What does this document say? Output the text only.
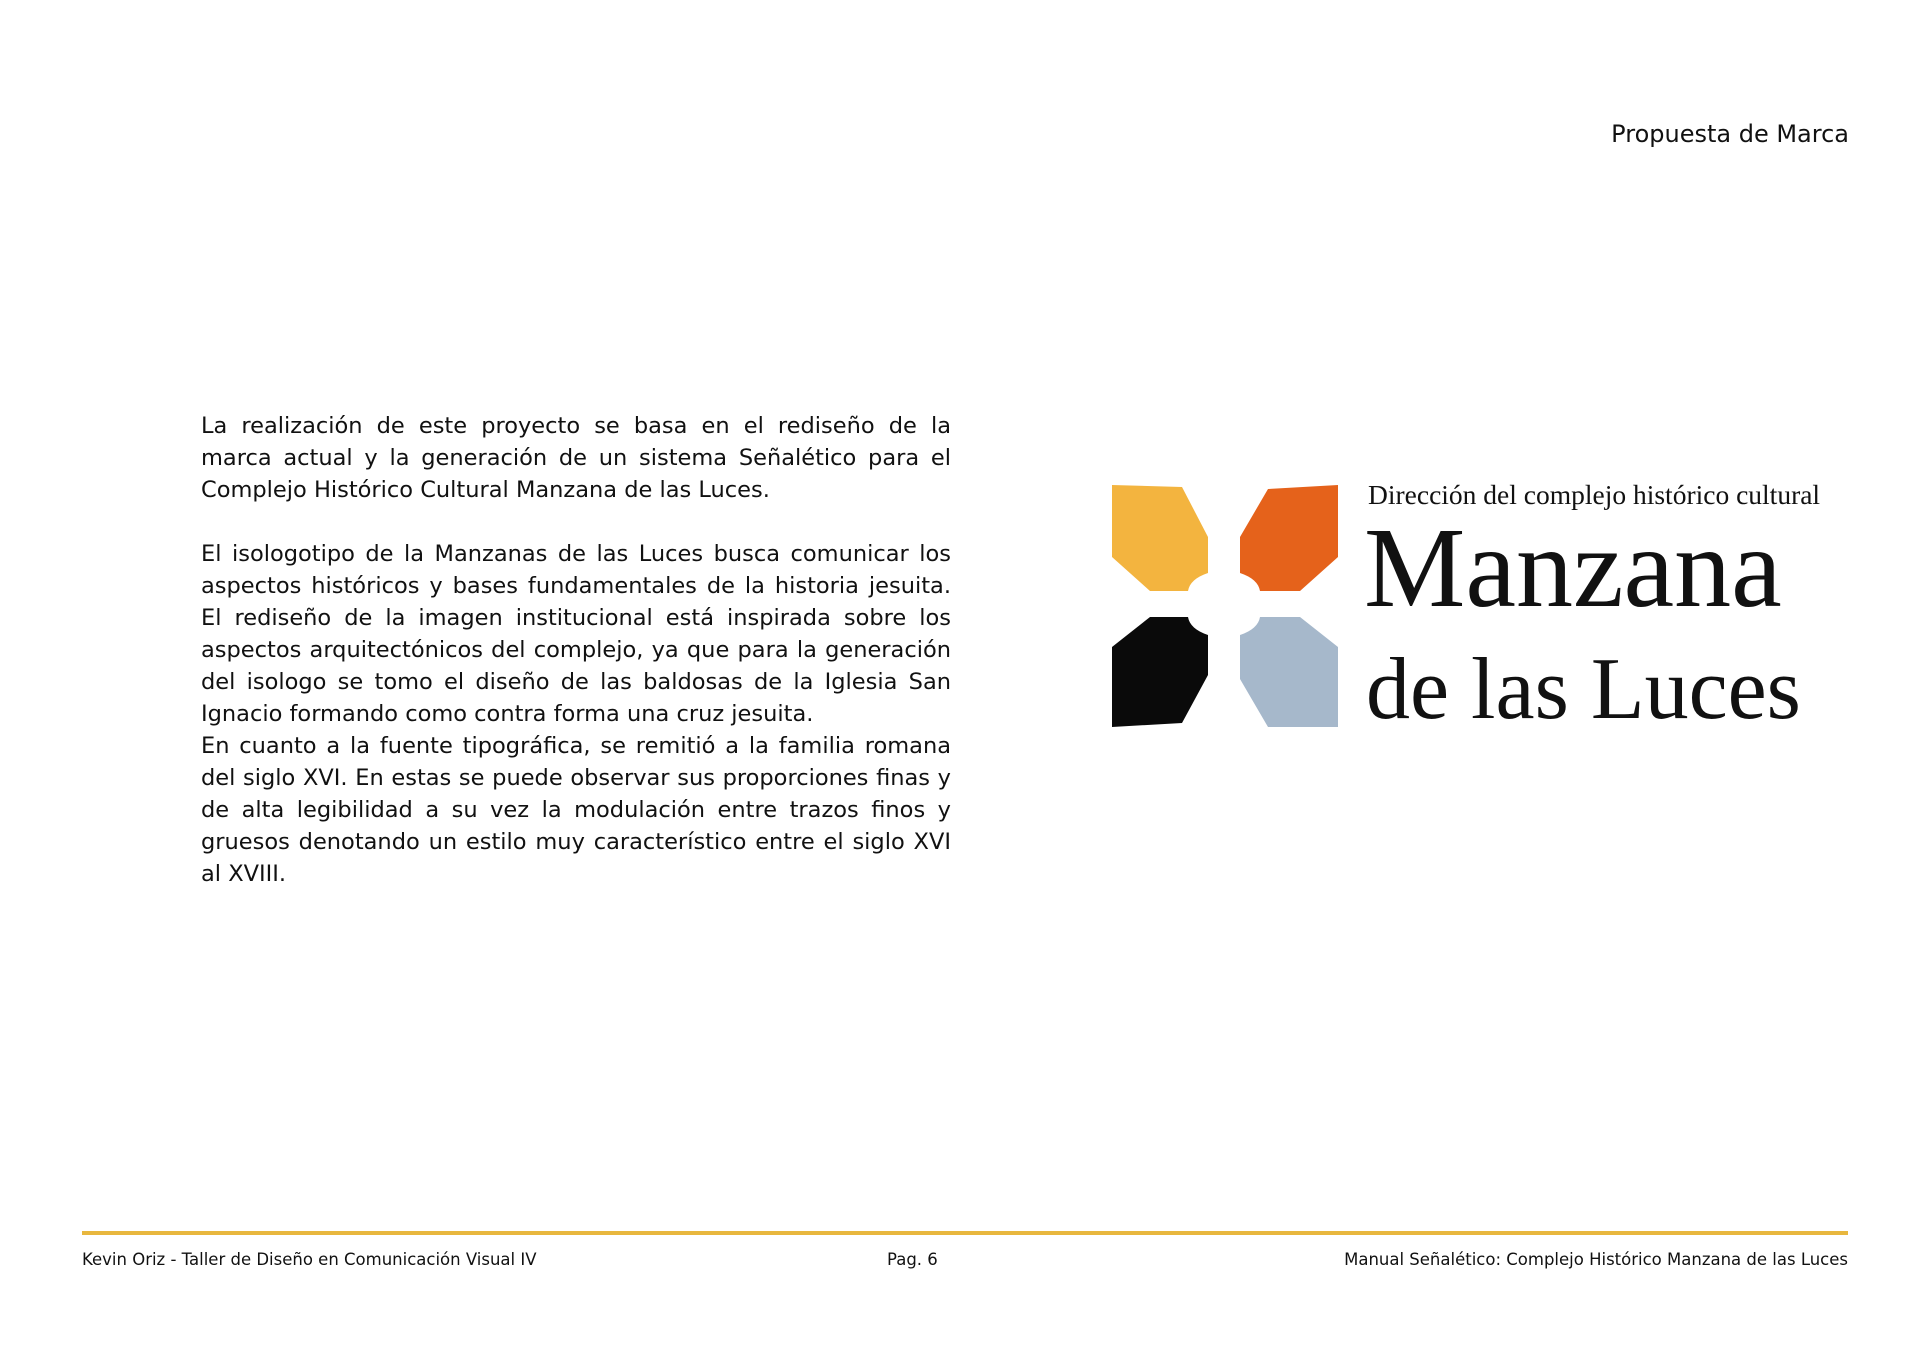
Propuesta de Marca

La realización de este proyecto se basa en el rediseño de la marca actual y la generación de un sistema Señalético para el Complejo Histórico Cultural Manzana de las Luces.

El isologotipo de la Manzanas de las Luces busca comunicar los aspectos históricos y bases fundamentales de la historia jesuita. El rediseño de la imagen institucional está inspirada sobre los aspectos arquitectónicos del complejo, ya que para la generación del isologo se tomo el diseño de las baldosas de la Iglesia San Ignacio formando como contra forma una cruz jesuita.

En cuanto a la fuente tipográfica, se remitió a la familia romana del siglo XVI. En estas se puede observar sus proporciones finas y de alta legibilidad a su vez la modulación entre trazos finos y gruesos denotando un estilo muy característico entre el siglo XVI al XVIII.

Dirección del complejo histórico cultural
Manzana
de las Luces
Kevin Oriz - Taller de Diseño en Comunicación Visual IV	Pag. 6	Manual Señalético: Complejo Histórico Manzana de las Luces
